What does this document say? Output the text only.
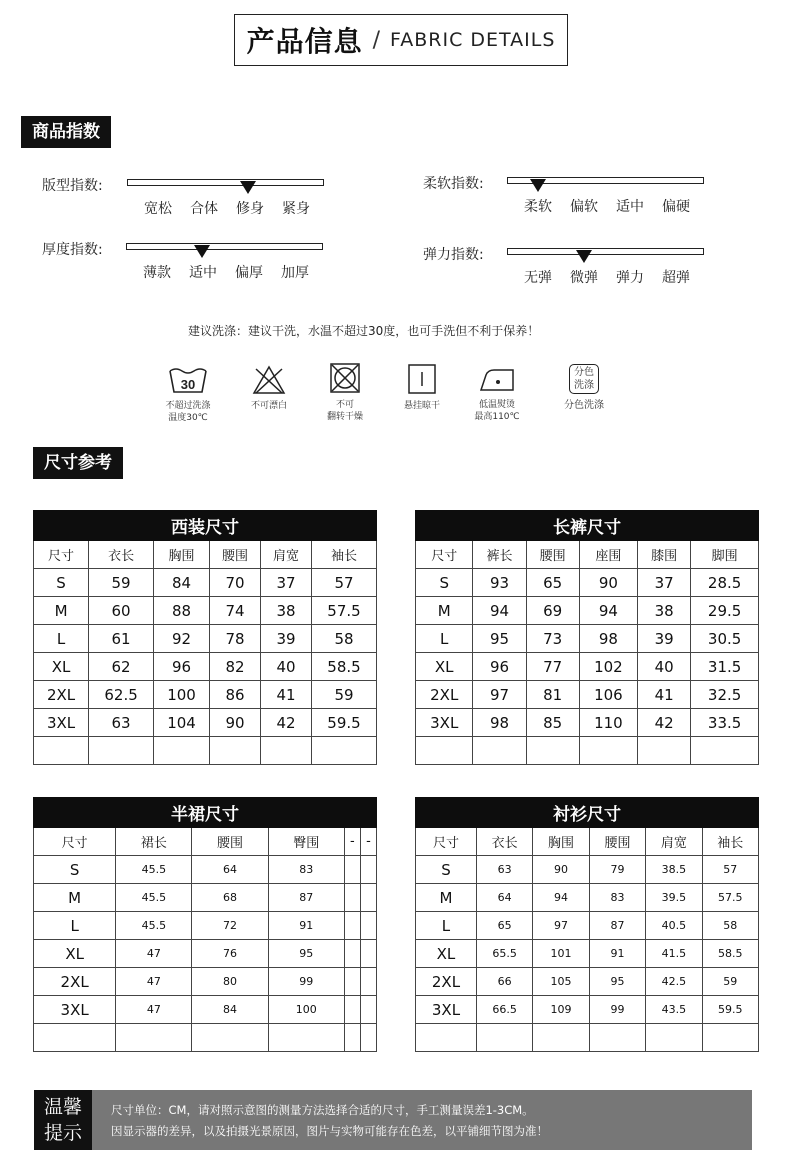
产品信息 / FABRIC DETAILS
商品指数
版型指数:
宽松 合体 修身 紧身
柔软指数:
柔软 偏软 适中 偏硬
厚度指数:
薄款 适中 偏厚 加厚
弹力指数:
无弹 微弹 弹力 超弹
建议洗涤：建议干洗，水温不超过30度，也可手洗但不利于保养！
30
不超过洗涤
温度30℃
不可漂白	不可
翻转干燥
悬挂晾干	低温熨烫
最高110℃
分色
洗涤
分色洗涤
尺寸参考
西装尺寸					
尺寸	衣长	胸围	腰围	肩宽	袖长
S	59	84	70	37	57
M	60	88	74	38	57.5
L	61	92	78	39	58
XL	62	96	82	40	58.5
2XL	62.5	100	86	41	59
3XL	63	104	90	42	59.5

长裤尺寸					
尺寸	裤长	腰围	座围	膝围	脚围
S	93	65	90	37	28.5
M	94	69	94	38	29.5
L	95	73	98	39	30.5
XL	96	77	102	40	31.5
2XL	97	81	106	41	32.5
3XL	98	85	110	42	33.5

半裙尺寸					
尺寸	裙长	腰围	臀围	-	-
S	45.5	64	83		
M	45.5	68	87		
L	45.5	72	91		
XL	47	76	95		
2XL	47	80	99		
3XL	47	84	100		

衬衫尺寸					
尺寸	衣长	胸围	腰围	肩宽	袖长
S	63	90	79	38.5	57
M	64	94	83	39.5	57.5
L	65	97	87	40.5	58
XL	65.5	101	91	41.5	58.5
2XL	66	105	95	42.5	59
3XL	66.5	109	99	43.5	59.5

温馨
提示
尺寸单位：CM，请对照示意图的测量方法选择合适的尺寸，手工测量误差1-3CM。
因显示器的差异，以及拍摄光景原因，图片与实物可能存在色差，以平铺细节图为准！
